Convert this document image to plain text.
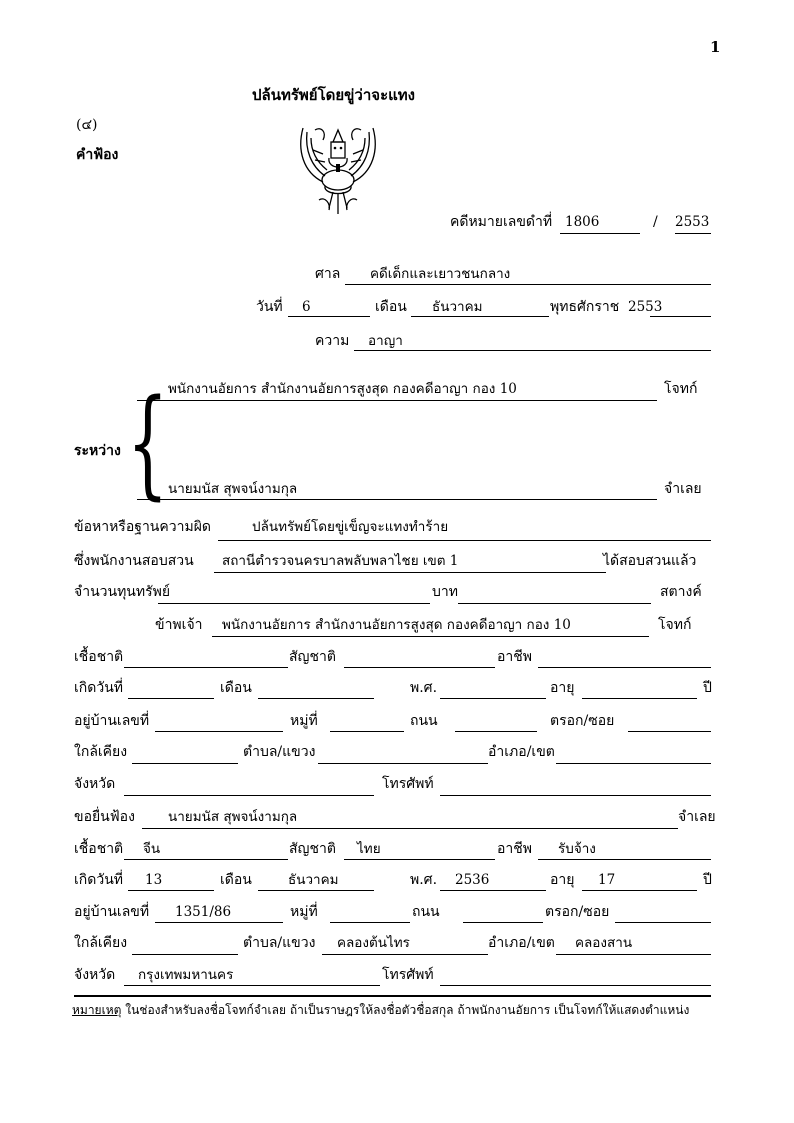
1
ปล้นทรัพย์โดยขู่ว่าจะแทง
(๔)
คำฟ้อง
คดีหมายเลขดำที่ 1806	/ 2553
ศาล คดีเด็กและเยาวชนกลาง
วันที่ 6	เดือน ธันวาคม	พุทธศักราช 2553
ความ อาญา
พนักงานอัยการ สำนักงานอัยการสูงสุด กองคดีอาญา กอง 10	โจทก์
ระหว่าง { นายมนัส สุพจน์งามกุล	จำเลย
ข้อหาหรือฐานความผิด	ปล้นทรัพย์โดยขู่เข็ญจะแทงทำร้าย
ซึ่งพนักงานสอบสวน สถานีตำรวจนครบาลพลับพลาไชย เขต 1	ได้สอบสวนแล้ว
จำนวนทุนทรัพย์	บาท	สตางค์
ข้าพเจ้า พนักงานอัยการ สำนักงานอัยการสูงสุด กองคดีอาญา กอง 10	โจทก์
เชื้อชาติ	สัญชาติ	อาชีพ
เกิดวันที่	เดือน	พ.ศ.	อายุ	ปี
อยู่บ้านเลขที่	หมู่ที่	ถนน	ตรอก/ซอย
ใกล้เคียง	ตำบล/แขวง	อำเภอ/เขต
จังหวัด	โทรศัพท์
ขอยื่นฟ้อง นายมนัส สุพจน์งามกุล	จำเลย
เชื้อชาติ จีน	สัญชาติ ไทย	อาชีพ รับจ้าง
เกิดวันที่ 13	เดือน	ธันวาคม	พ.ศ. 2536	อายุ 17	ปี
อยู่บ้านเลขที่ 1351/86	หมู่ที่	ถนน	ตรอก/ซอย
ใกล้เคียง	ตำบล/แขวง คลองต้นไทร	อำเภอ/เขต คลองสาน
จังหวัด กรุงเทพมหานคร	โทรศัพท์
หมายเหตุ ในช่องสำหรับลงชื่อโจทก์จำเลย ถ้าเป็นราษฎรให้ลงชื่อตัวชื่อสกุล ถ้าพนักงานอัยการ เป็นโจทก์ให้แสดงตำแหน่ง
